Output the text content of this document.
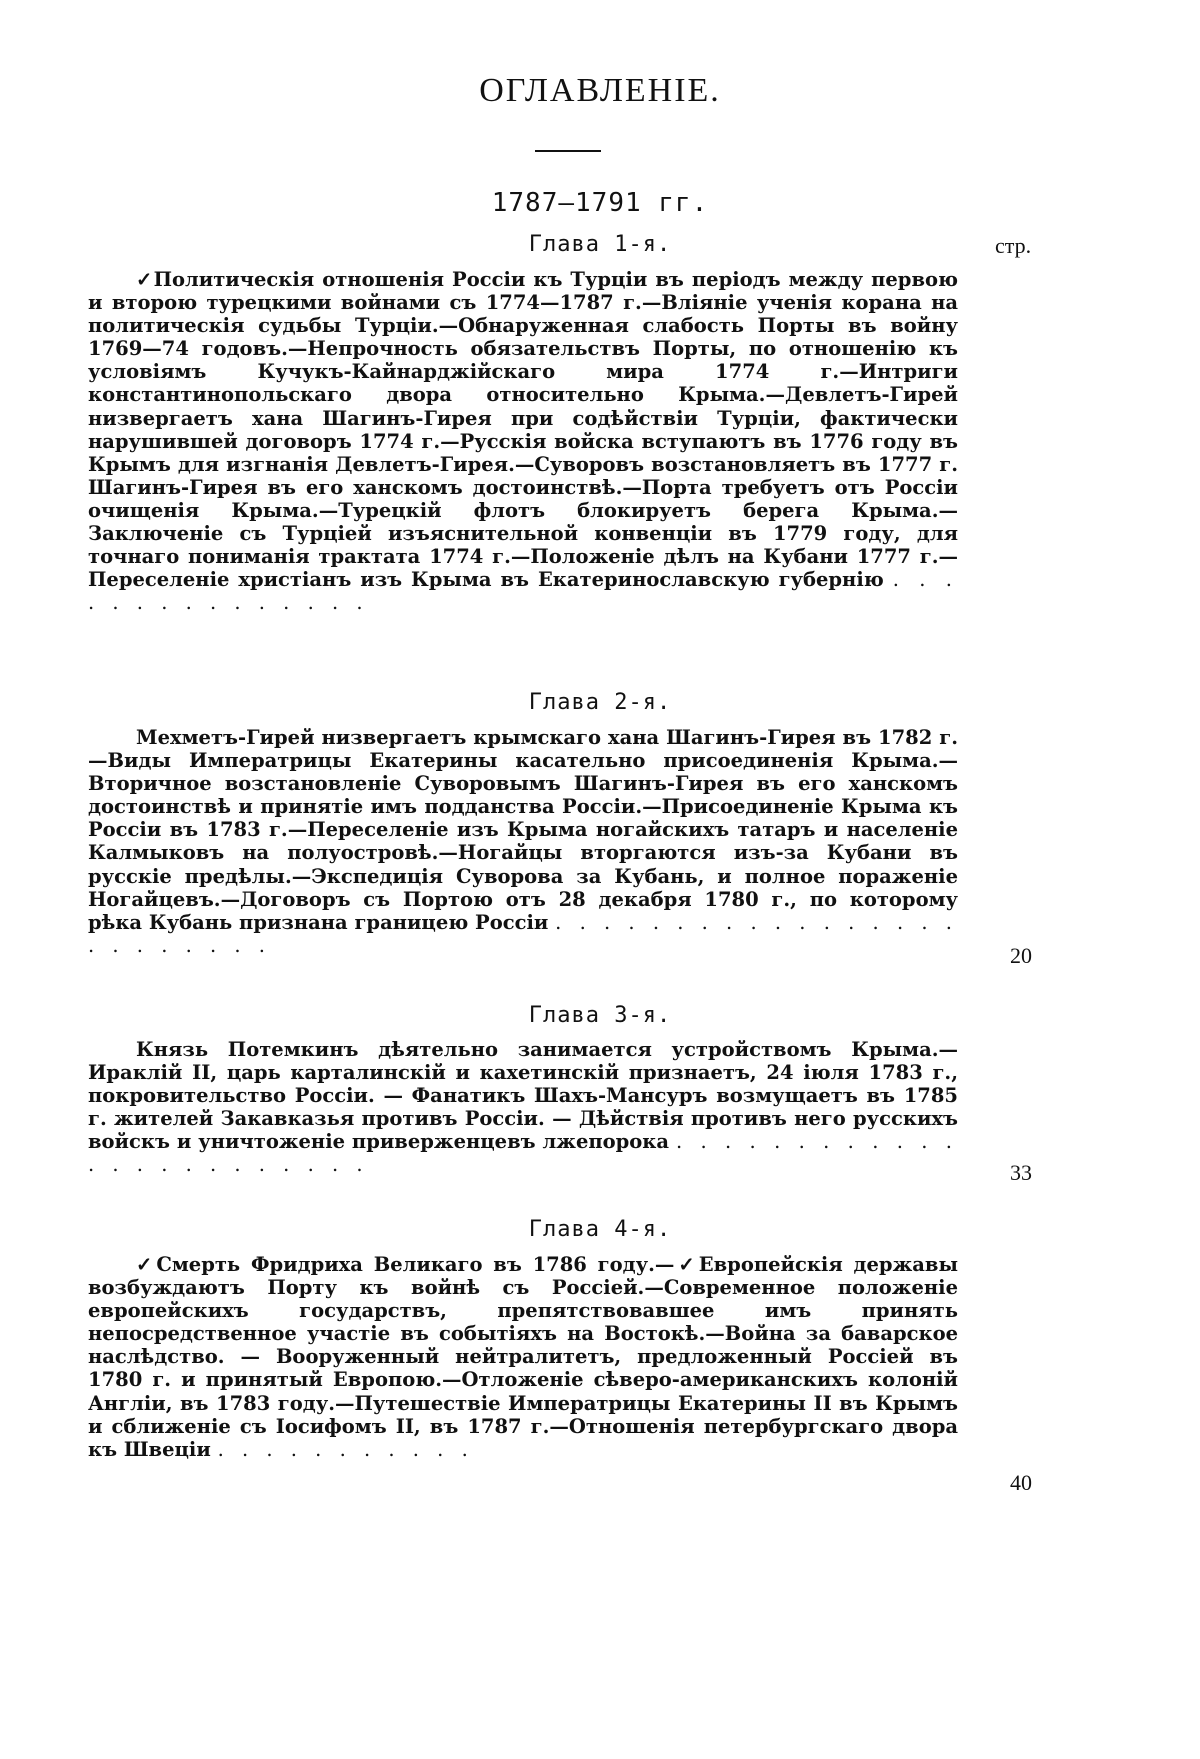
ОГЛАВЛЕНIЕ.
1787—1791 гг.
стр.
Глава 1-я.

✓Политическiя отношенiя Россiи къ Турцiи въ перiодъ между первою и второю турецкими войнами съ 1774—1787 г.—Влiянiе ученiя корана на политическiя судьбы Турцiи.—Обнаруженная слабость Порты въ войну 1769—74 годовъ.—Непрочность обязательствъ Порты, по отношенiю къ условiямъ Кучукъ-Кайнарджiйскаго мира 1774 г.—Интриги константинопольскаго двора относительно Крыма.—Девлетъ-Гирей низвергаетъ хана Шагинъ-Гирея при содѣйствiи Турцiи, фактически нарушившей договоръ 1774 г.—Русскiя войска вступаютъ въ 1776 году въ Крымъ для изгнанiя Девлетъ-Гирея.—Суворовъ возстановляетъ въ 1777 г. Шагинъ-Гирея въ его ханскомъ достоинствѣ.—Порта требуетъ отъ Россiи очищенiя Крыма.—Турецкiй флотъ блокируетъ берега Крыма.—Заключенiе съ Турцiей изъяснительной конвенцiи въ 1779 году, для точнаго пониманiя трактата 1774 г.—Положенiе дѣлъ на Кубани 1777 г.—Переселенiе христiанъ изъ Крыма въ Екатеринославскую губернiю . . . . . . . . . . . . . . .

Глава 2-я.

Мехметъ-Гирей низвергаетъ крымскаго хана Шагинъ-Гирея въ 1782 г.—Виды Императрицы Екатерины касательно присоединенiя Крыма.—Вторичное возстановленiе Суворовымъ Шагинъ-Гирея въ его ханскомъ достоинствѣ и принятiе имъ подданства Россiи.—Присоединенiе Крыма къ Россiи въ 1783 г.—Переселенiе изъ Крыма ногайскихъ татаръ и населенiе Калмыковъ на полуостровѣ.—Ногайцы вторгаются изъ-за Кубани въ русскiе предѣлы.—Экспедицiя Суворова за Кубань, и полное пораженiе Ногайцевъ.—Договоръ съ Портою отъ 28 декабря 1780 г., по которому рѣка Кубань признана границею Россiи . . . . . . . . . . . . . . . . . . . . . . . . .	20
Глава 3-я.

Князь Потемкинъ дѣятельно занимается устройствомъ Крыма.—Ираклiй II, царь карталинскiй и кахетинскiй признаетъ, 24 iюля 1783 г., покровительство Россiи. — Фанатикъ Шахъ-Мансуръ возмущаетъ въ 1785 г. жителей Закавказья противъ Россiи. — Дѣйствiя противъ него русскихъ войскъ и уничтоженiе приверженцевъ лжепорока . . . . . . . . . . . . . . . . . . . . . . . .	33
Глава 4-я.

✓Смерть Фридриха Великаго въ 1786 году.—✓Европейскiя державы возбуждаютъ Порту къ войнѣ съ Россiей.—Современное положенiе европейскихъ государствъ, препятствовавшее имъ принять непосредственное участiе въ событiяхъ на Востокѣ.—Война за баварское наслѣдство. — Вооруженный нейтралитетъ, предложенный Россiей въ 1780 г. и принятый Европою.—Отложенiе сѣверо-американскихъ колонiй Англiи, въ 1783 году.—Путешествiе Императрицы Екатерины II въ Крымъ и сближенiе съ Iосифомъ II, въ 1787 г.—Отношенiя петербургскаго двора къ Швецiи . . . . . . . . . . .

40
